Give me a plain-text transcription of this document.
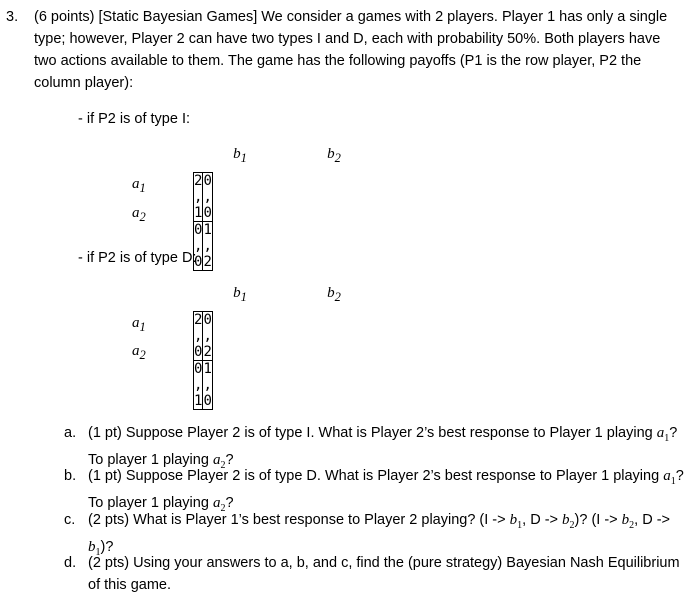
3. (6 points) [Static Bayesian Games] We consider a games with 2 players. Player 1 has only a single type; however, Player 2 can have two types I and D, each with probability 50%. Both players have two actions available to them. The game has the following payoffs (P1 is the row player, P2 the column player):
- if P2 is of type I:
$b_1$	$b_2$
$a_1$
$a_2$
2 , 1	0 , 0
0 , 0	1 , 2
- if P2 is of type D:
$b_1$	$b_2$
$a_1$
$a_2$
2 , 0	0 , 2
0 , 1	1 , 0
a. (1 pt) Suppose Player 2 is of type I. What is Player 2’s best response to Player 1 playing $a_1$? To player 1 playing $a_2$?
b. (1 pt) Suppose Player 2 is of type D. What is Player 2’s best response to Player 1 playing $a_1$? To player 1 playing $a_2$?
c. (2 pts) What is Player 1’s best response to Player 2 playing? ($I -> b_1$, $D -> b_2$)? ($I -> b_2$, $D -> b_1$)?
d. (2 pts) Using your answers to a, b, and c, find the (pure strategy) Bayesian Nash Equilibrium of this game.
